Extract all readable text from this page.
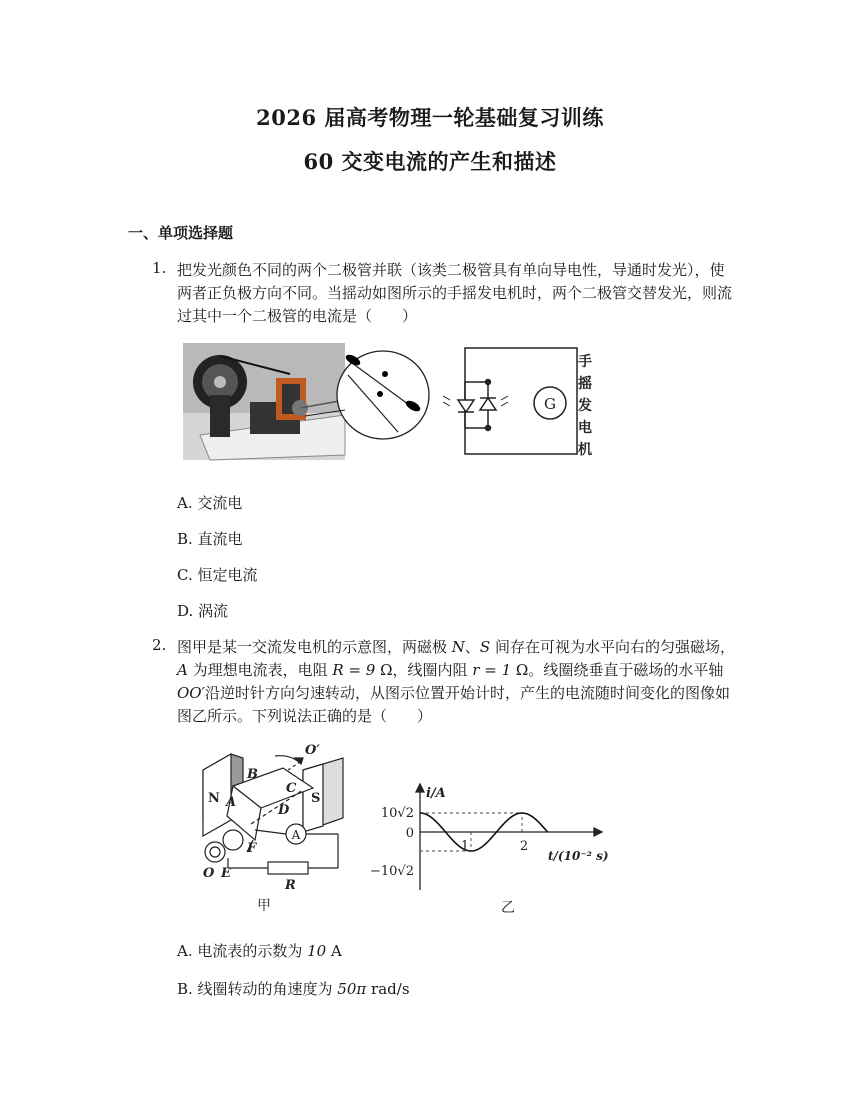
2026 届高考物理一轮基础复习训练
60 交变电流的产生和描述
一、单项选择题
1. 把发光颜色不同的两个二极管并联（该类二极管具有单向导电性，导通时发光），使两者正负极方向不同。当摇动如图所示的手摇发电机时，两个二极管交替发光，则流过其中一个二极管的电流是（　　）
G
手
摇
发
电
机
A. 交流电
B. 直流电
C. 恒定电流
D. 涡流
2. 图甲是某一交流发电机的示意图，两磁极 N、S 间存在可视为水平向右的匀强磁场，A 为理想电流表，电阻 R = 9 Ω，线圈内阻 r = 1 Ω。线圈绕垂直于磁场的水平轴 OO′沿逆时针方向匀速转动，从图示位置开始计时，产生的电流随时间变化的图像如图乙所示。下列说法正确的是（　　）
N	S
A
B
C
D
F
O E
O′
R
A
甲
i/A
t/(10⁻² s)
10√2
0
−10√2
1	2
乙
A. 电流表的示数为 10 A
B. 线圈转动的角速度为 50π rad/s
